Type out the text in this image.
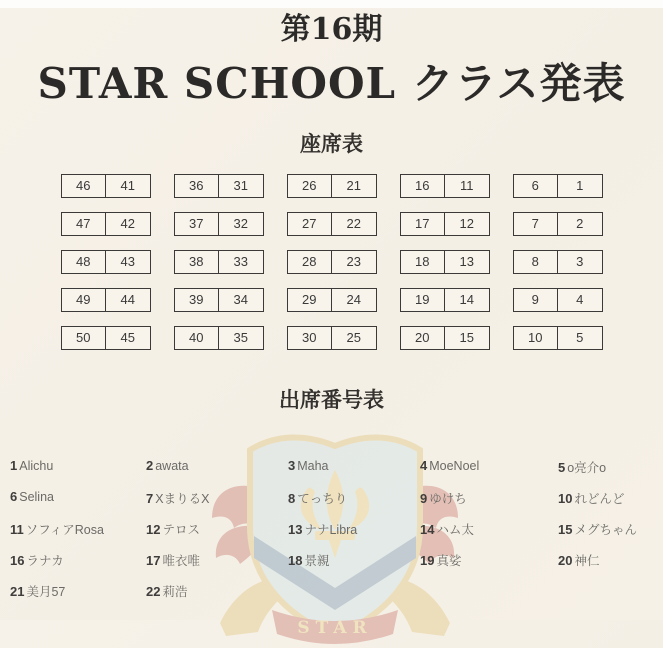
第16期
STAR SCHOOL クラス発表
座席表
46	41	36	31	26	21	16	11	6	1
47	42	37	32	27	22	17	12	7	2
48	43	38	33	28	23	18	13	8	3
49	44	39	34	29	24	19	14	9	4
50	45	40	35	30	25	20	15	10	5
出席番号表
STAR
1 Alichu	2 awata	3 Maha	4 MoeNoel	5 o亮介o
6 Selina	7 XまりるX	8 てっちり	9 ゆけち	10 れどんど
11 ソフィアRosa	12 テロス	13 ナナLibra	14 ハム太	15 メグちゃん
16 ラナカ	17 唯衣唯	18 景親	19 真娑	20 神仁
21 美月57	22 莉浩
